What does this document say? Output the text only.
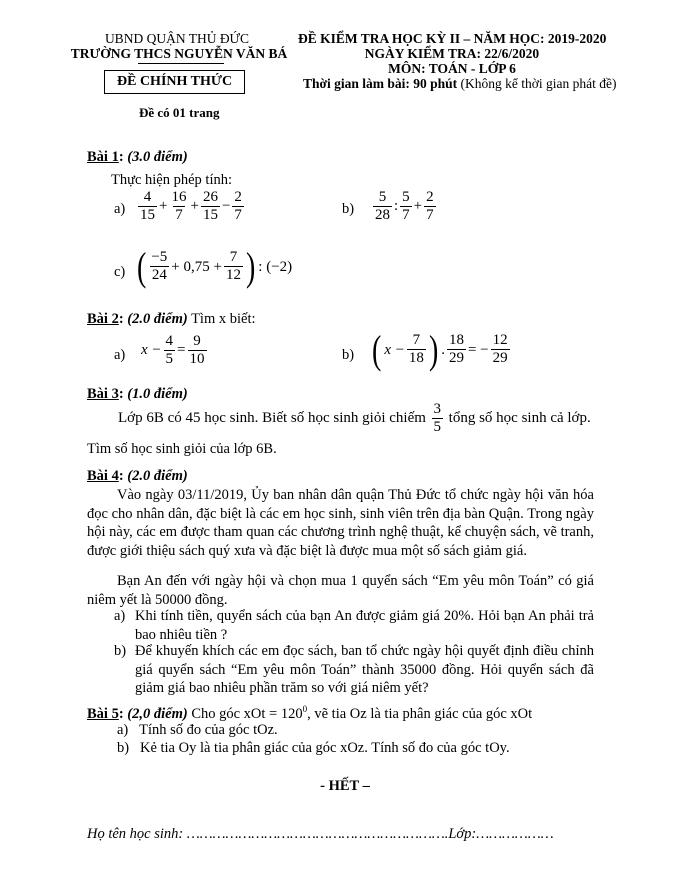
UBND QUẬN THỦ ĐỨC
TRƯỜNG THCS NGUYỄN VĂN BÁ
ĐỀ CHÍNH THỨC
Đề có 01 trang
ĐỀ KIỂM TRA HỌC KỲ II – NĂM HỌC: 2019-2020
NGÀY KIỂM TRA: 22/6/2020
MÔN: TOÁN - LỚP 6
Thời gian làm bài: 90 phút (Không kể thời gian phát đề)
Bài 1: (3.0 điểm)
Thực hiện phép tính:
$a) \frac{4}{15} + \frac{16}{7} + \frac{26}{15} - \frac{2}{7}$	$b) \frac{5}{28}$ : $\frac{5}{7} + \frac{2}{7}$
c) ( $\frac{-5}{24} + 0,75 + \frac{7}{12}$ ) : (−2)
Bài 2: (2.0 điểm) Tìm x biết:
a) $x - \frac{4}{5} = \frac{9}{10}$	b) ( $x - \frac{7}{18}$ ) . $\frac{18}{29}$ = − $\frac{12}{29}$
Bài 3: (1.0 điểm)
Lớp 6B có 45 học sinh. Biết số học sinh giỏi chiếm $\frac{3}{5}$ tổng số học sinh cả lớp.
Tìm số học sinh giỏi của lớp 6B.
Bài 4: (2.0 điểm)
Vào ngày 03/11/2019, Ủy ban nhân dân quận Thủ Đức tổ chức ngày hội văn hóa đọc cho nhân dân, đặc biệt là các em học sinh, sinh viên trên địa bàn Quận. Trong ngày hội này, các em được tham quan các chương trình nghệ thuật, kể chuyện sách, vẽ tranh, được giới thiệu sách quý xưa và đặc biệt là được mua một số sách giảm giá.
Bạn An đến với ngày hội và chọn mua 1 quyển sách “Em yêu môn Toán” có giá niêm yết là 50000 đồng.
a) Khi tính tiền, quyển sách của bạn An được giảm giá 20%. Hỏi bạn An phải trả bao nhiêu tiền ?
b) Để khuyến khích các em đọc sách, ban tổ chức ngày hội quyết định điều chỉnh giá quyển sách “Em yêu môn Toán” thành 35000 đồng. Hỏi quyển sách đã giảm giá bao nhiêu phần trăm so với giá niêm yết?
Bài 5: (2,0 điểm) Cho góc xOt = $120^0$, vẽ tia Oz là tia phân giác của góc xOt
a) Tính số đo của góc tOz.
b) Kẻ tia Oy là tia phân giác của góc xOz. Tính số đo của góc tOy.
- HẾT –
Họ tên học sinh: …………………………………………………….Lớp:………………
